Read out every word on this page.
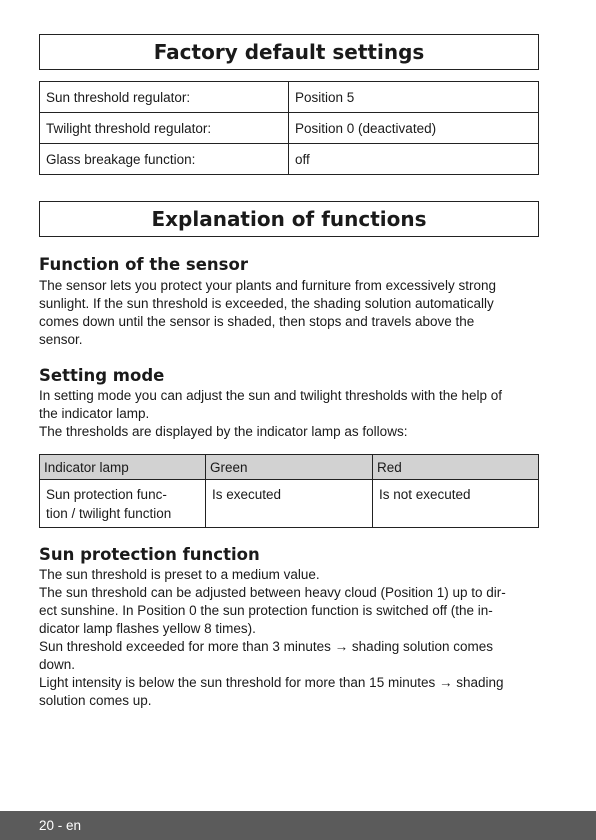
Factory default settings
Sun threshold regulator:	Position 5
Twilight threshold regulator:	Position 0 (deactivated)
Glass breakage function:	off
Explanation of functions
Function of the sensor

The sensor lets you protect your plants and furniture from excessively strong

sunlight. If the sun threshold is exceeded, the shading solution automatically

comes down until the sensor is shaded, then stops and travels above the

sensor.

Setting mode

In setting mode you can adjust the sun and twilight thresholds with the help of

the indicator lamp.

The thresholds are displayed by the indicator lamp as follows:

Indicator lamp	Green	Red
Sun protection func-
tion / twilight function	Is executed	Is not executed
Sun protection function

The sun threshold is preset to a medium value.

The sun threshold can be adjusted between heavy cloud (Position 1) up to dir-

ect sunshine. In Position 0 the sun protection function is switched off (the in-

dicator lamp flashes yellow 8 times).

Sun threshold exceeded for more than 3 minutes → shading solution comes

down.

Light intensity is below the sun threshold for more than 15 minutes → shading

solution comes up.

20 - en
